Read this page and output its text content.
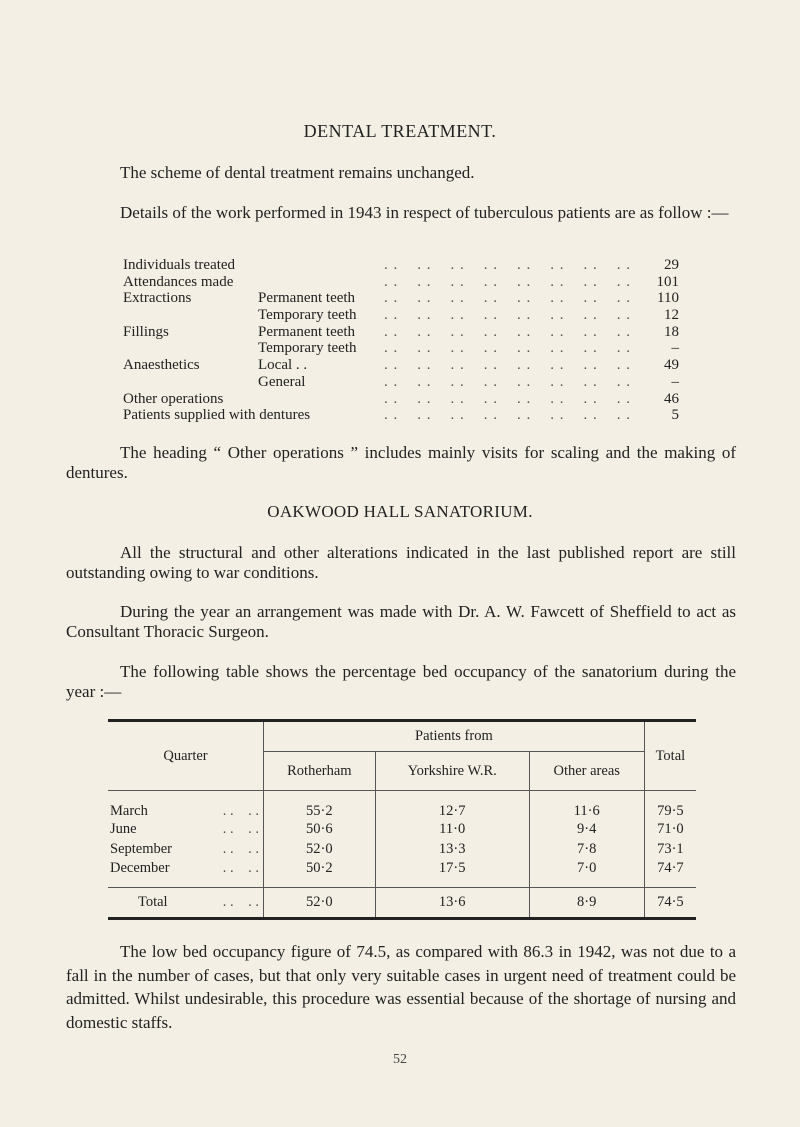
DENTAL TREATMENT.
The scheme of dental treatment remains unchanged.
Details of the work performed in 1943 in respect of tuberculous patients are as follow :—
Individuals treated	. .    . .    . .    . .    . .    . .    . .    . .	29
Attendances made	. .    . .    . .    . .    . .    . .    . .    . .	101
Extractions	Permanent teeth	. .    . .    . .    . .    . .    . .    . .    . .	110
Temporary teeth	. .    . .    . .    . .    . .    . .    . .    . .	12
Fillings	Permanent teeth	. .    . .    . .    . .    . .    . .    . .    . .	18
Temporary teeth	. .    . .    . .    . .    . .    . .    . .    . .	–
Anaesthetics	Local . .	. .    . .    . .    . .    . .    . .    . .    . .	49
General	. .    . .    . .    . .    . .    . .    . .    . .	–
Other operations	. .    . .    . .    . .    . .    . .    . .    . .	46
Patients supplied with dentures	. .    . .    . .    . .    . .    . .    . .    . .	5
The heading “ Other operations ” includes mainly visits for scaling and the making of dentures.
OAKWOOD HALL SANATORIUM.
All the structural and other alterations indicated in the last published report are still outstanding owing to war conditions.
During the year an arrangement was made with Dr. A. W. Fawcett of Sheffield to act as Consultant Thoracic Surgeon.
The following table shows the percentage bed occupancy of the sanatorium during the year :—
Quarter	Patients from			Total
	Rotherham	Yorkshire W.R.	Other areas	

March . .    . .	55·2	12·7	11·6	79·5

June . .    . .	50·6	11·0	9·4	71·0

September . .    . .	52·0	13·3	7·8	73·1

December . .    . .	50·2	17·5	7·0	74·7

Total . .    . .	52·0	13·6	8·9	74·5
The low bed occupancy figure of 74.5, as compared with 86.3 in 1942, was not due to a fall in the number of cases, but that only very suitable cases in urgent need of treatment could be admitted. Whilst undesirable, this procedure was essential because of the shortage of nursing and domestic staffs.
52
